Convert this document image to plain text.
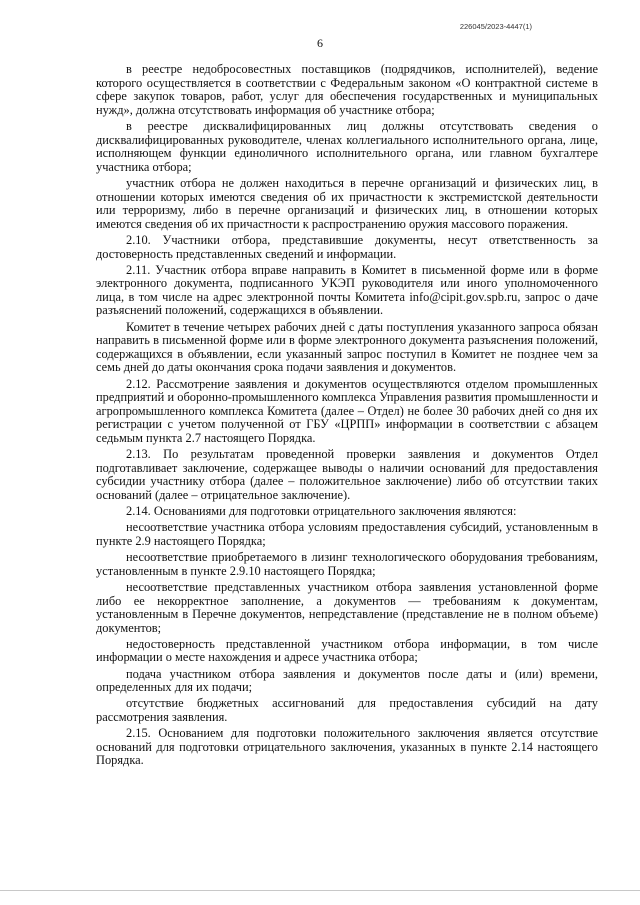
226045/2023-4447(1)
6

в реестре недобросовестных поставщиков (подрядчиков, исполнителей), ведение которого осуществляется в соответствии с Федеральным законом «О контрактной системе в сфере закупок товаров, работ, услуг для обеспечения государственных и муниципальных нужд», должна отсутствовать информация об участнике отбора;

в реестре дисквалифицированных лиц должны отсутствовать сведения о дисквалифицированных руководителе, членах коллегиального исполнительного органа, лице, исполняющем функции единоличного исполнительного органа, или главном бухгалтере участника отбора;

участник отбора не должен находиться в перечне организаций и физических лиц, в отношении которых имеются сведения об их причастности к экстремистской деятельности или терроризму, либо в перечне организаций и физических лиц, в отношении которых имеются сведения об их причастности к распространению оружия массового поражения.

2.10. Участники отбора, представившие документы, несут ответственность за достоверность представленных сведений и информации.

2.11. Участник отбора вправе направить в Комитет в письменной форме или в форме электронного документа, подписанного УКЭП руководителя или иного уполномоченного лица, в том числе на адрес электронной почты Комитета info@cipit.gov.spb.ru, запрос о даче разъяснений положений, содержащихся в объявлении.

Комитет в течение четырех рабочих дней с даты поступления указанного запроса обязан направить в письменной форме или в форме электронного документа разъяснения положений, содержащихся в объявлении, если указанный запрос поступил в Комитет не позднее чем за семь дней до даты окончания срока подачи заявления и документов.

2.12. Рассмотрение заявления и документов осуществляются отделом промышленных предприятий и оборонно-промышленного комплекса Управления развития промышленности и агропромышленного комплекса Комитета (далее – Отдел) не более 30 рабочих дней со дня их регистрации с учетом полученной от ГБУ «ЦРПП» информации в соответствии с абзацем седьмым пункта 2.7 настоящего Порядка.

2.13. По результатам проведенной проверки заявления и документов Отдел подготавливает заключение, содержащее выводы о наличии оснований для предоставления субсидии участнику отбора (далее – положительное заключение) либо об отсутствии таких оснований (далее – отрицательное заключение).

2.14. Основаниями для подготовки отрицательного заключения являются:

несоответствие участника отбора условиям предоставления субсидий, установленным в пункте 2.9 настоящего Порядка;

несоответствие приобретаемого в лизинг технологического оборудования требованиям, установленным в пункте 2.9.10 настоящего Порядка;

несоответствие представленных участником отбора заявления установленной форме либо ее некорректное заполнение, а документов — требованиям к документам, установленным в Перечне документов, непредставление (представление не в полном объеме) документов;

недостоверность представленной участником отбора информации, в том числе информации о месте нахождения и адресе участника отбора;

подача участником отбора заявления и документов после даты и (или) времени, определенных для их подачи;

отсутствие бюджетных ассигнований для предоставления субсидий на дату рассмотрения заявления.

2.15. Основанием для подготовки положительного заключения является отсутствие оснований для подготовки отрицательного заключения, указанных в пункте 2.14 настоящего Порядка.
